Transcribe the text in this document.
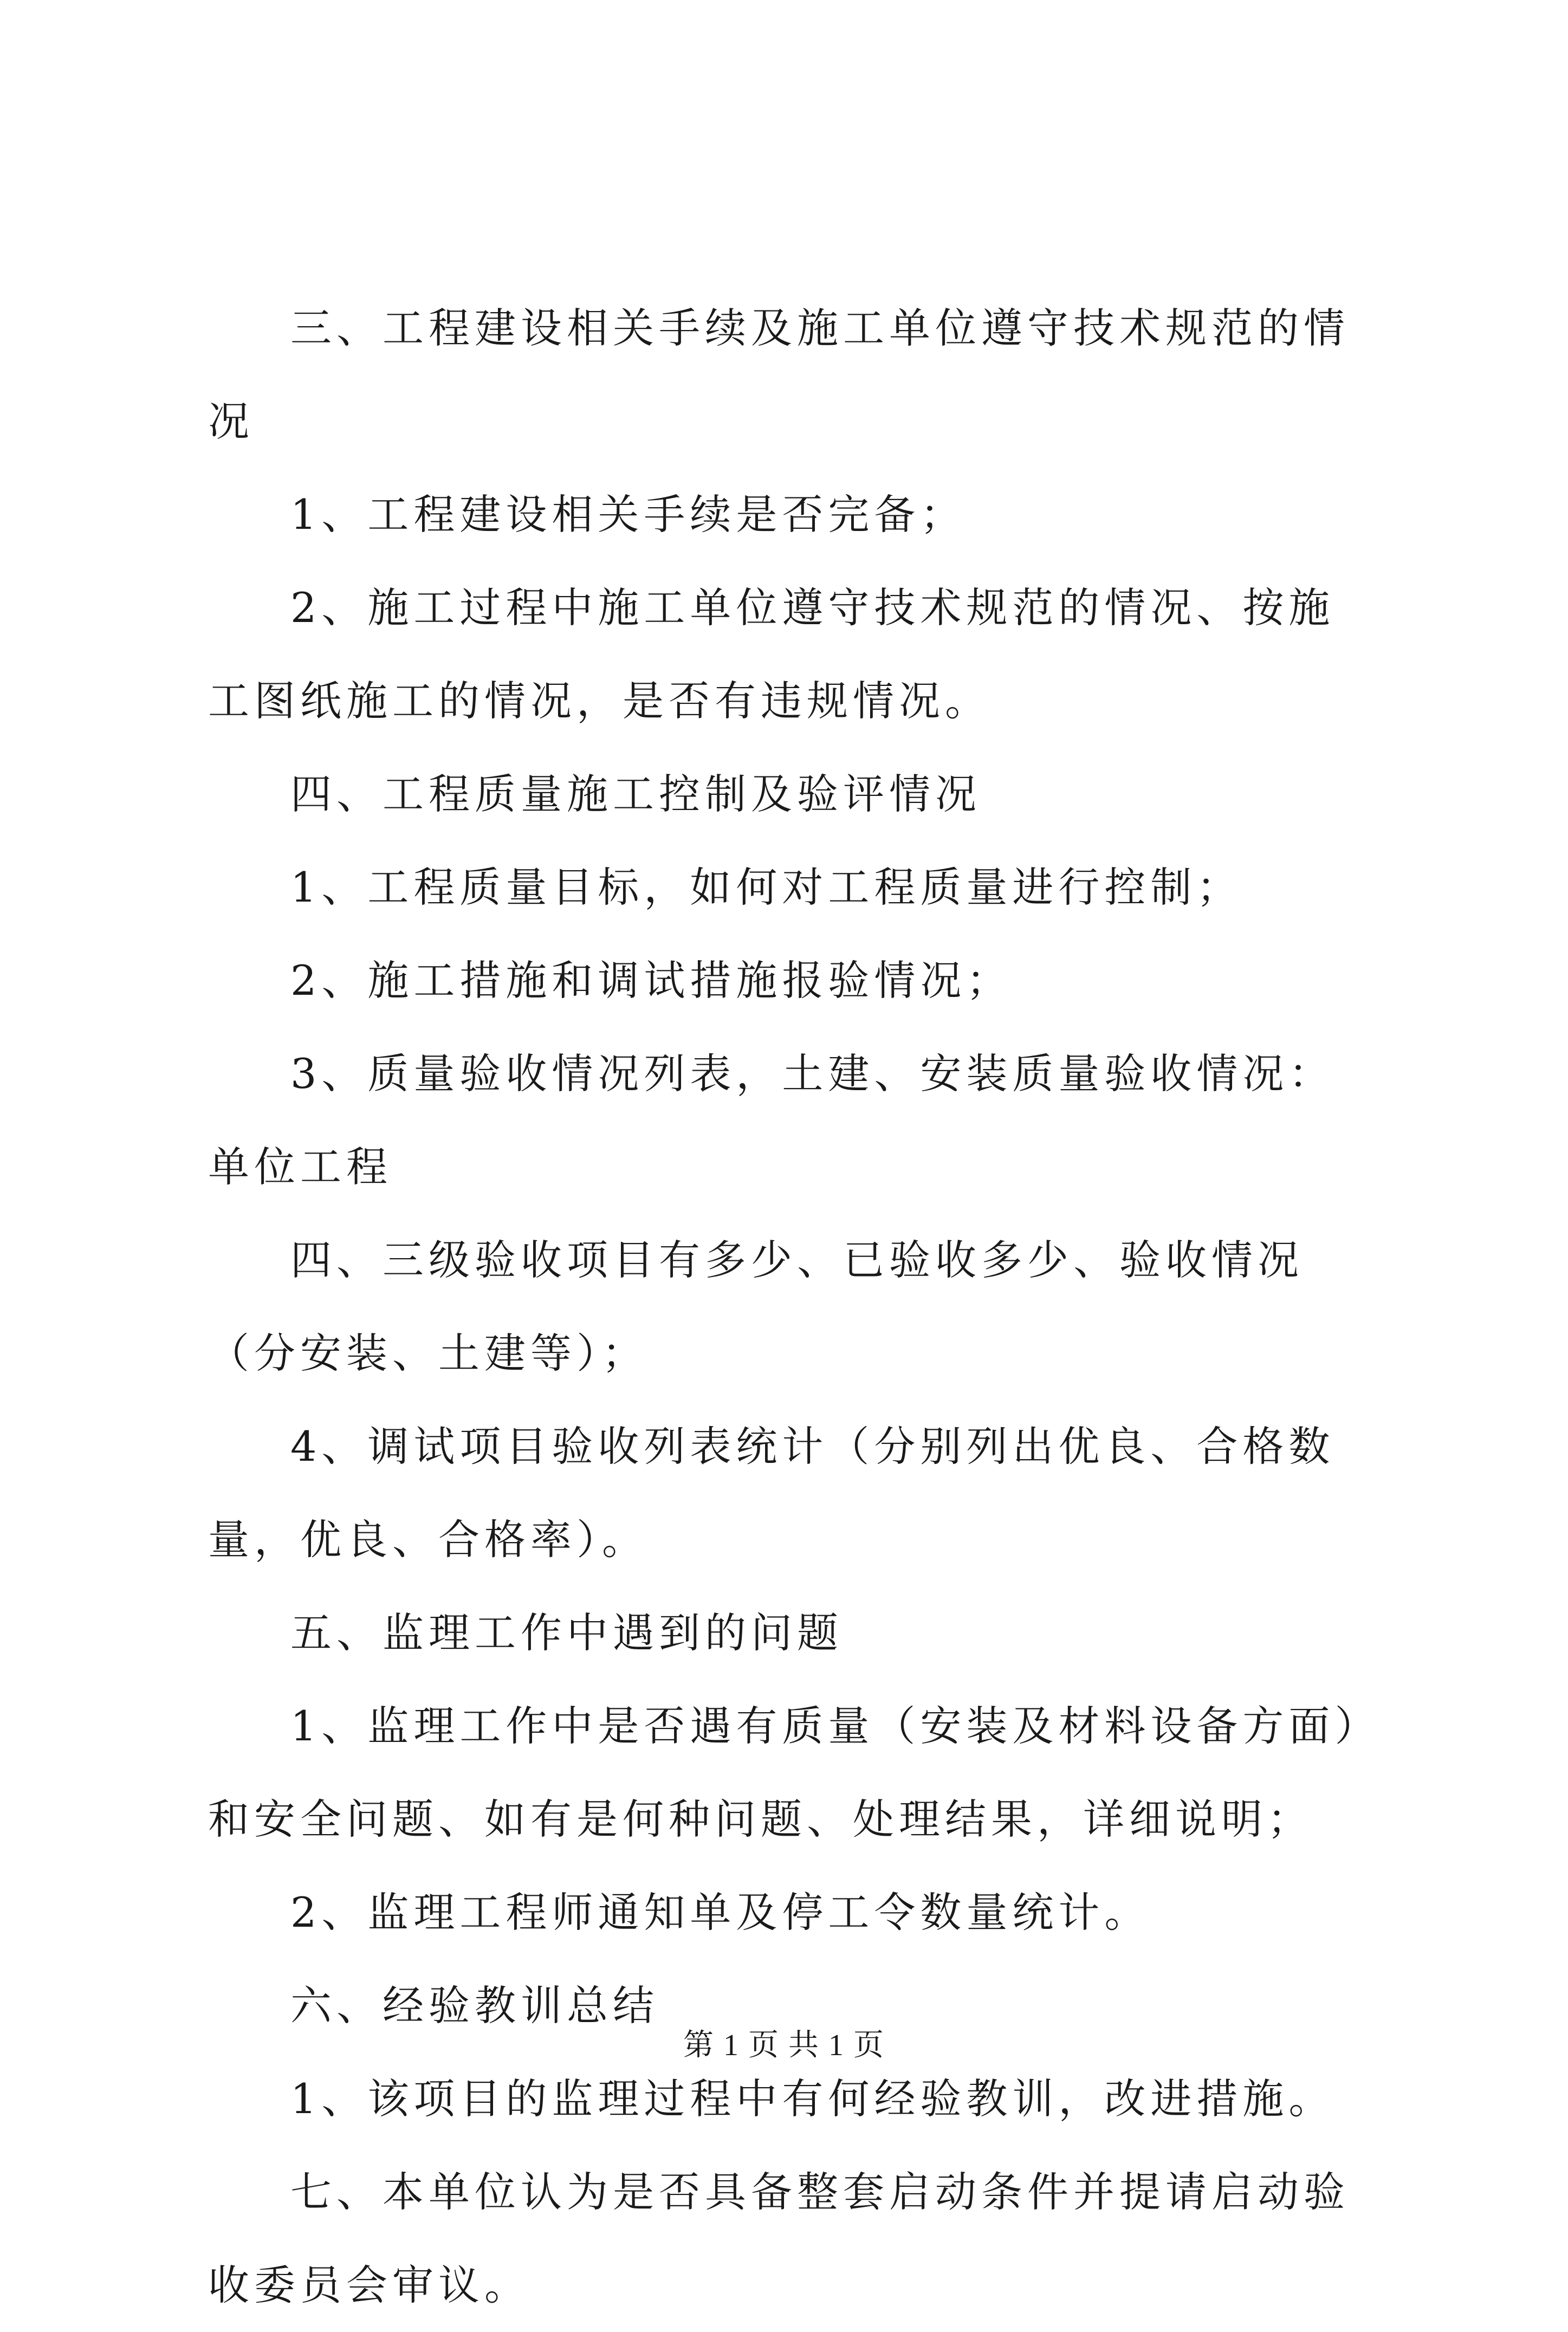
三、工程建设相关手续及施工单位遵守技术规范的情况

1、工程建设相关手续是否完备；

2、施工过程中施工单位遵守技术规范的情况、按施工图纸施工的情况，是否有违规情况。

四、工程质量施工控制及验评情况

1、工程质量目标，如何对工程质量进行控制；

2、施工措施和调试措施报验情况；

3、质量验收情况列表，土建、安装质量验收情况：单位工程

四、三级验收项目有多少、已验收多少、验收情况（分安装、土建等）；

4、调试项目验收列表统计（分别列出优良、合格数量，优良、合格率）。

五、监理工作中遇到的问题

1、监理工作中是否遇有质量（安装及材料设备方面）和安全问题、如有是何种问题、处理结果，详细说明；

2、监理工程师通知单及停工令数量统计。

六、经验教训总结

1、该项目的监理过程中有何经验教训，改进措施。

七、本单位认为是否具备整套启动条件并提请启动验收委员会审议。

第 1 页 共 1 页
